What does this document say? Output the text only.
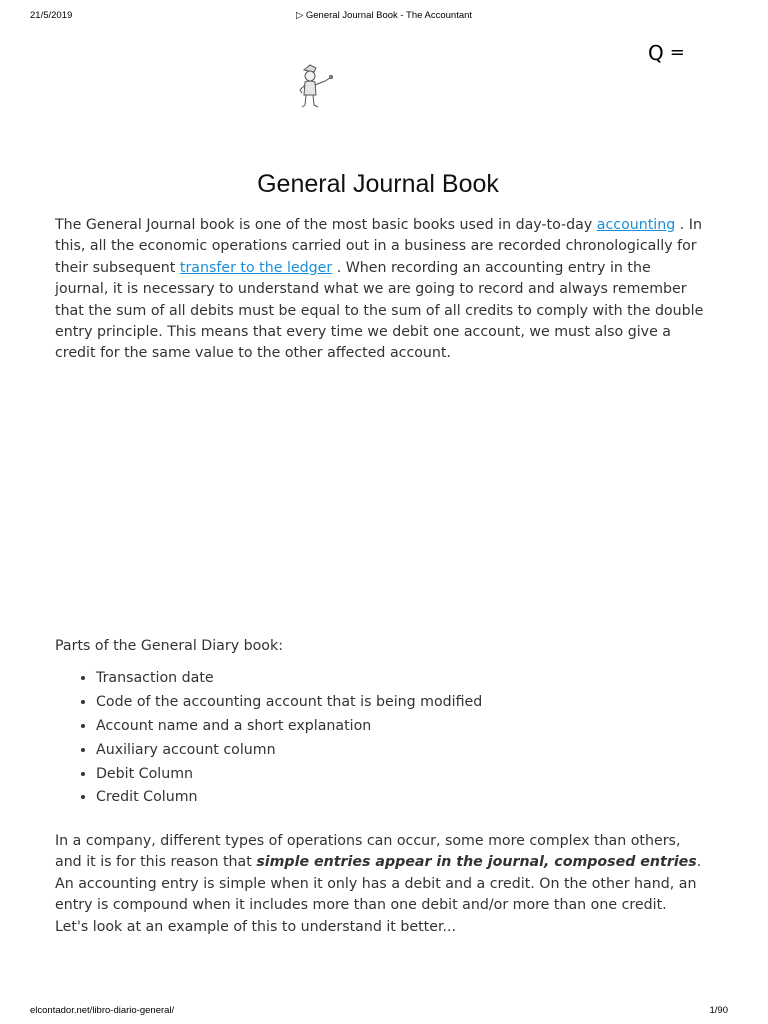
21/5/2019	▷ General Journal Book - The Accountant
Q =
General Journal Book

The General Journal book is one of the most basic books used in day-to-day accounting . In this, all the economic operations carried out in a business are recorded chronologically for their subsequent transfer to the ledger . When recording an accounting entry in the journal, it is necessary to understand what we are going to record and always remember that the sum of all debits must be equal to the sum of all credits to comply with the double entry principle. This means that every time we debit one account, we must also give a credit for the same value to the other affected account.

Parts of the General Diary book:

• Transaction date
• Code of the accounting account that is being modified
• Account name and a short explanation
• Auxiliary account column
• Debit Column
• Credit Column

In a company, different types of operations can occur, some more complex than others, and it is for this reason that simple entries appear in the journal, composed entries. An accounting entry is simple when it only has a debit and a credit. On the other hand, an entry is compound when it includes more than one debit and/or more than one credit.

Let's look at an example of this to understand it better...

elcontador.net/libro-diario-general/	1/90
